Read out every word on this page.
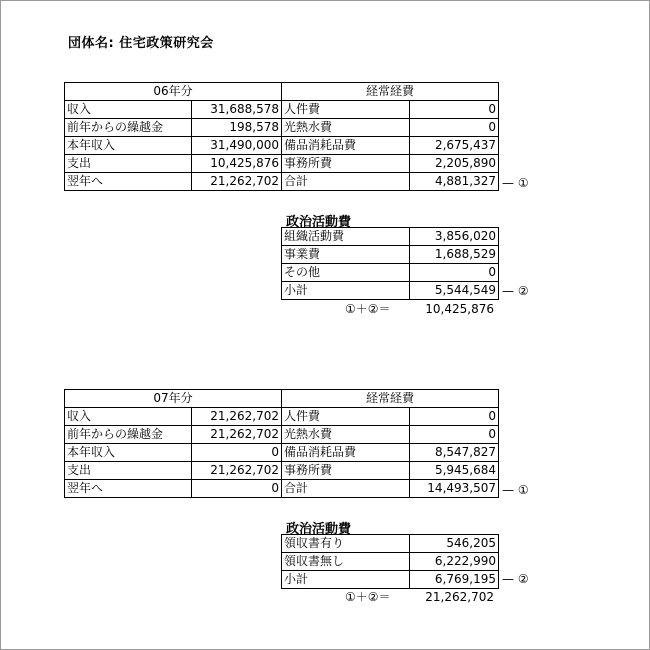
団体名: 住宅政策研究会
06年分		経常経費	
収入	31,688,578	人件費	0
前年からの繰越金	198,578	光熱水費	0
本年収入	31,490,000	備品消耗品費	2,675,437
支出	10,425,876	事務所費	2,205,890
翌年へ	21,262,702	合計	4,881,327 — ①
政治活動費
組織活動費	3,856,020
事業費	1,688,529
その他	0
小計	5,544,549 — ②
①＋②＝	10,425,876
07年分		経常経費	
収入	21,262,702	人件費	0
前年からの繰越金	21,262,702	光熱水費	0
本年収入	0	備品消耗品費	8,547,827
支出	21,262,702	事務所費	5,945,684
翌年へ	0	合計	14,493,507 — ①
政治活動費
領収書有り	546,205
領収書無し	6,222,990
小計	6,769,195 — ②
①＋②＝	21,262,702
